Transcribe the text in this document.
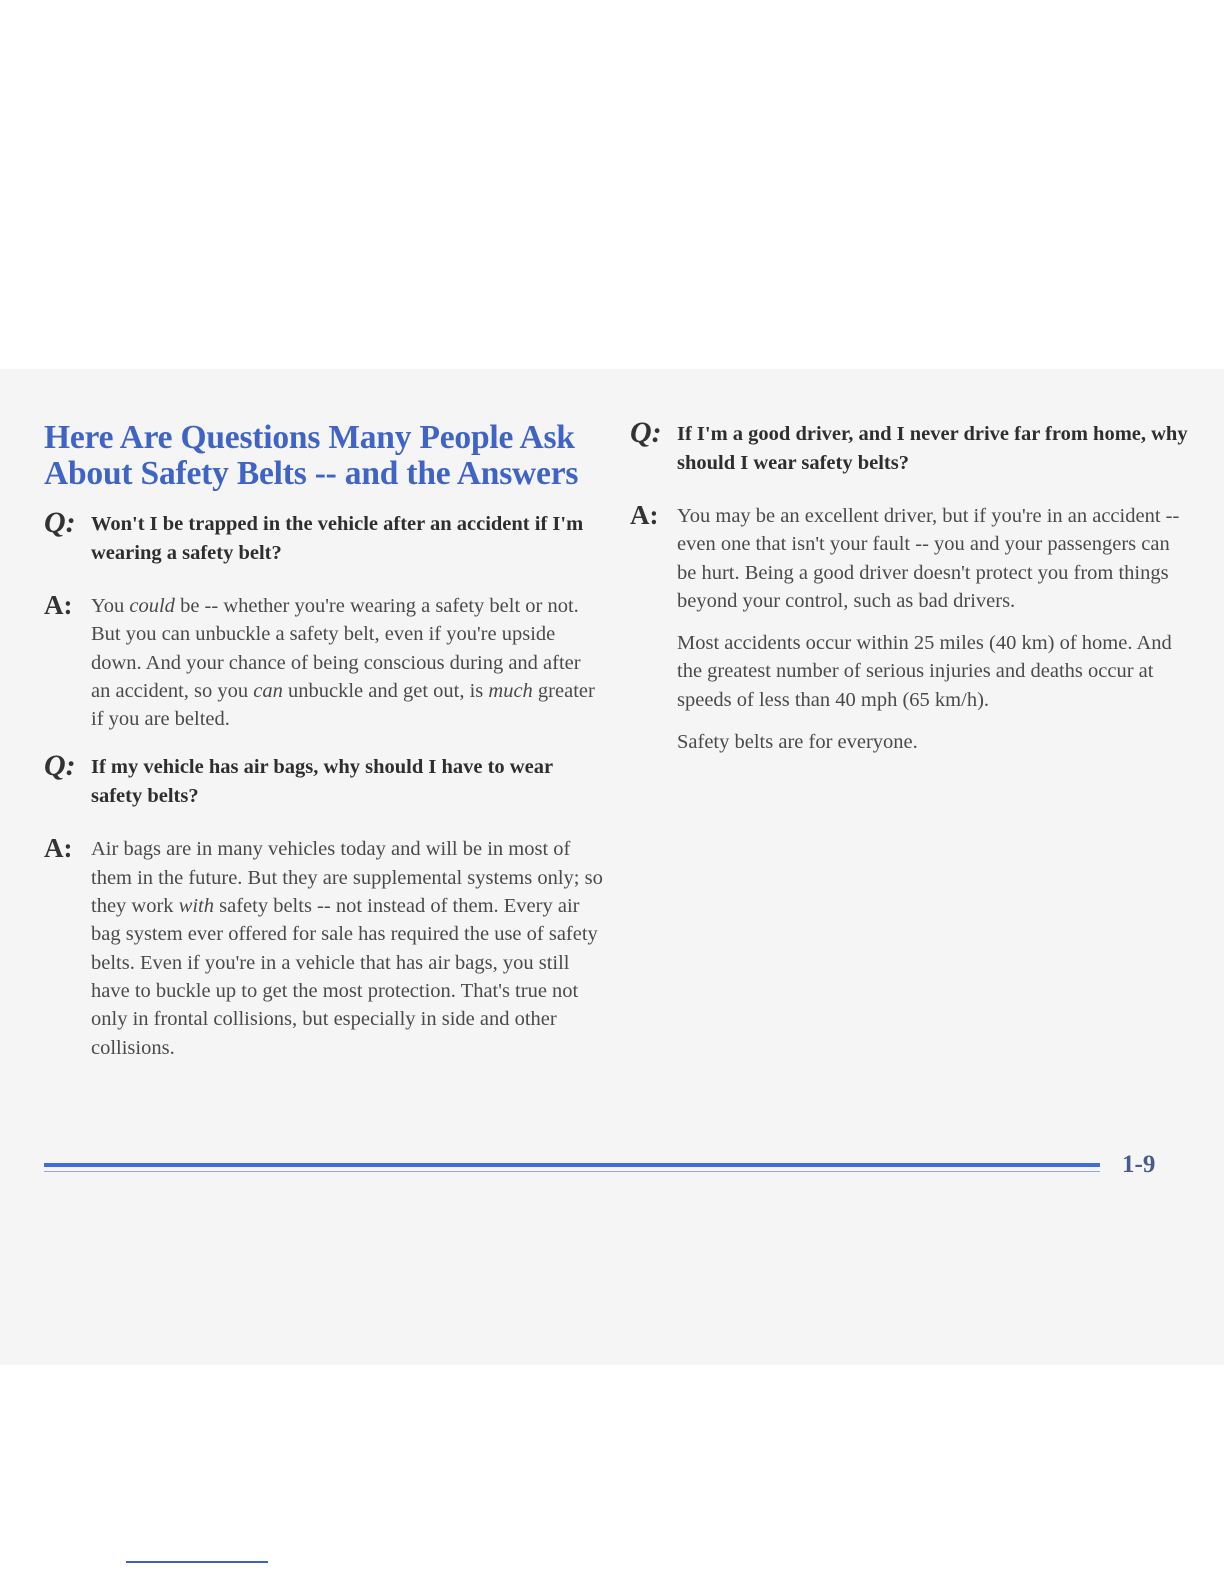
Here Are Questions Many People Ask
About Safety Belts -- and the Answers
Q: Won't I be trapped in the vehicle after an accident if I'm wearing a safety belt?
A: You could be -- whether you're wearing a safety belt or not. But you can unbuckle a safety belt, even if you're upside down. And your chance of being conscious during and after an accident, so you can unbuckle and get out, is much greater if you are belted.
Q: If my vehicle has air bags, why should I have to wear safety belts?
A: Air bags are in many vehicles today and will be in most of them in the future. But they are supplemental systems only; so they work with safety belts -- not instead of them. Every air bag system ever offered for sale has required the use of safety belts. Even if you're in a vehicle that has air bags, you still have to buckle up to get the most protection. That's true not only in frontal collisions, but especially in side and other collisions.
Q: If I'm a good driver, and I never drive far from home, why should I wear safety belts?
A: You may be an excellent driver, but if you're in an accident -- even one that isn't your fault -- you and your passengers can be hurt. Being a good driver doesn't protect you from things beyond your control, such as bad drivers.

Most accidents occur within 25 miles (40 km) of home. And the greatest number of serious injuries and deaths occur at speeds of less than 40 mph (65 km/h).

Safety belts are for everyone.

1-9
